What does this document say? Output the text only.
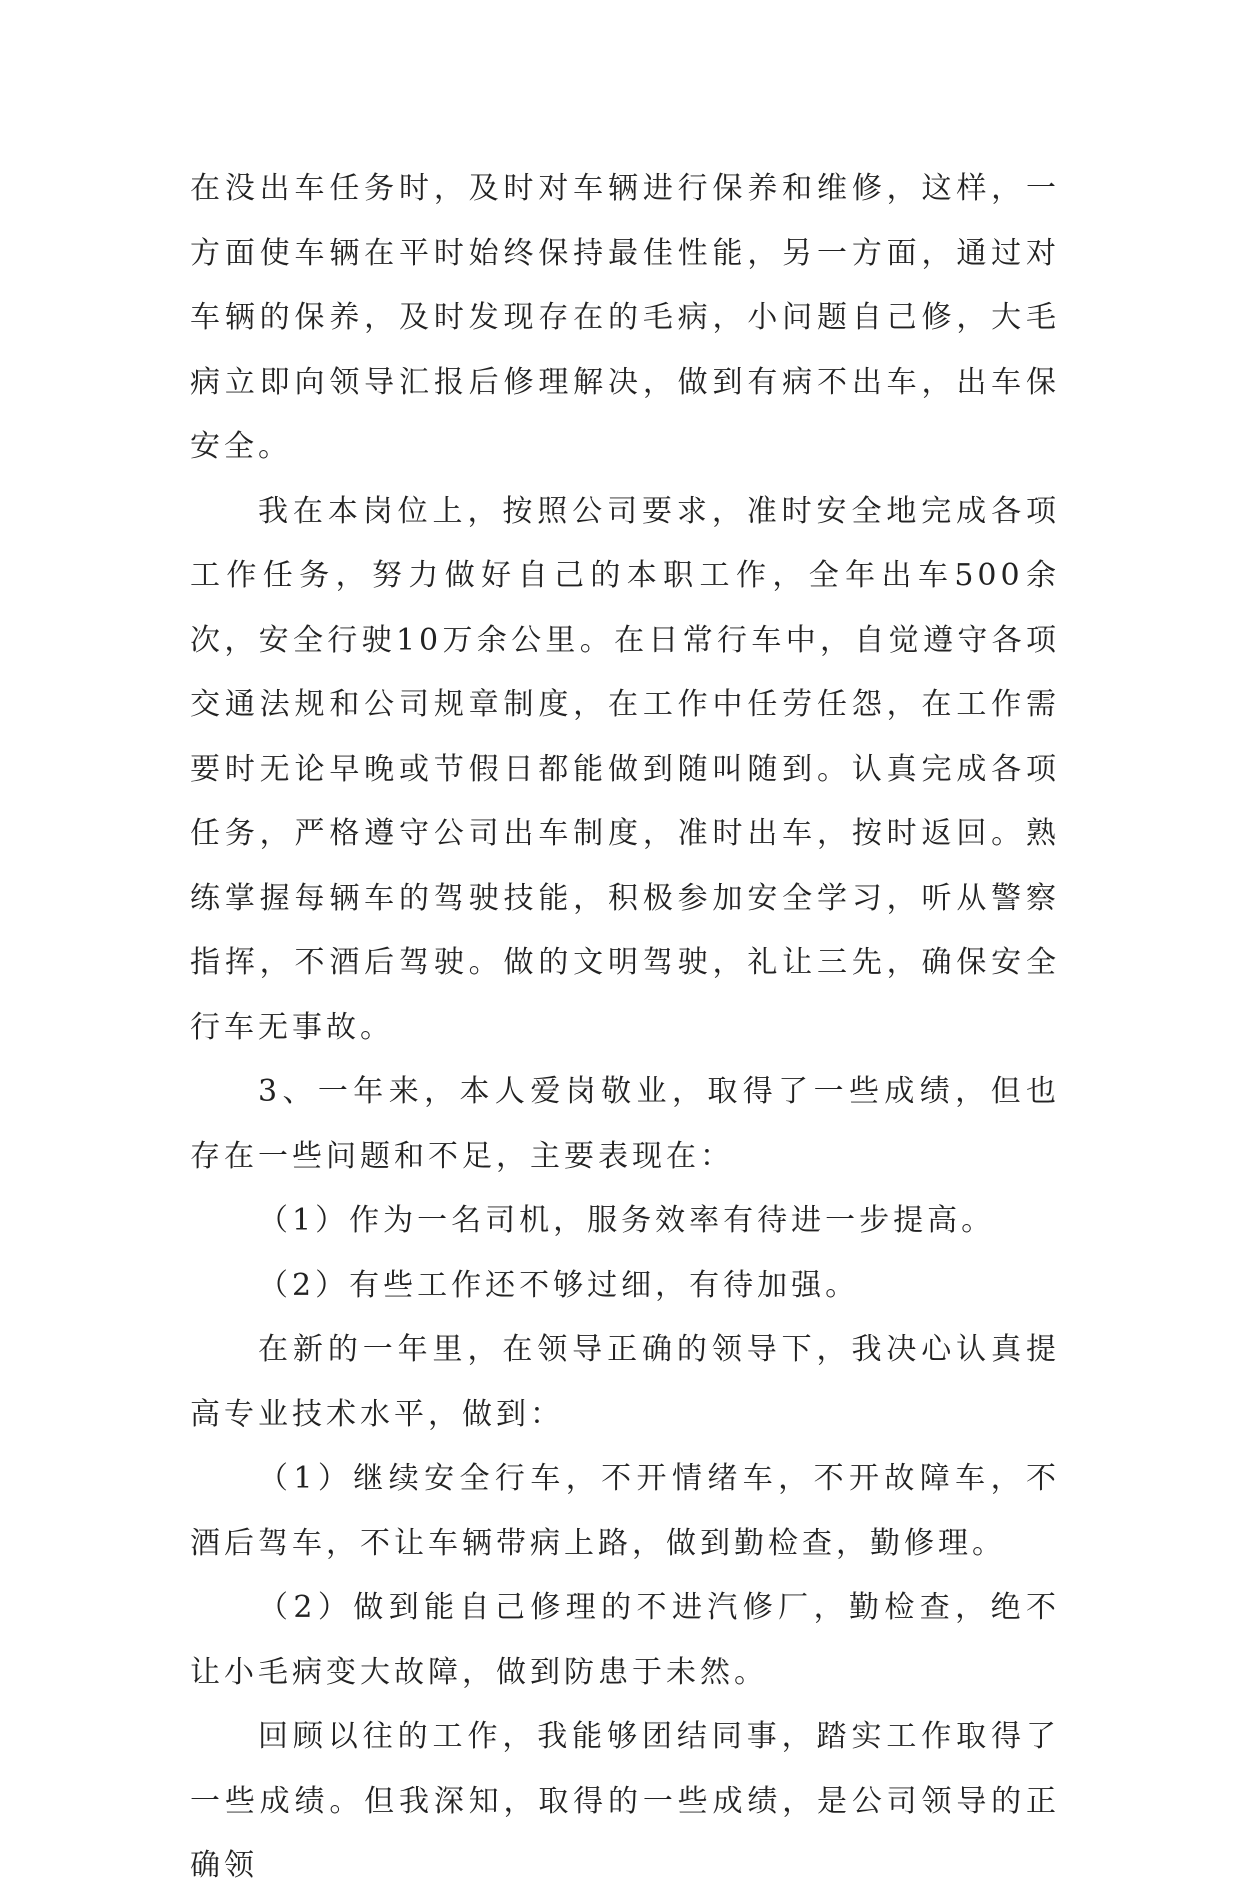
在没出车任务时，及时对车辆进行保养和维修，这样，一方面使车辆在平时始终保持最佳性能，另一方面，通过对车辆的保养，及时发现存在的毛病，小问题自己修，大毛病立即向领导汇报后修理解决，做到有病不出车，出车保安全。

我在本岗位上，按照公司要求，准时安全地完成各项工作任务，努力做好自己的本职工作，全年出车500余次，安全行驶10万余公里。在日常行车中，自觉遵守各项交通法规和公司规章制度，在工作中任劳任怨，在工作需要时无论早晚或节假日都能做到随叫随到。认真完成各项任务，严格遵守公司出车制度，准时出车，按时返回。熟练掌握每辆车的驾驶技能，积极参加安全学习，听从警察指挥，不酒后驾驶。做的文明驾驶，礼让三先，确保安全行车无事故。

3、一年来，本人爱岗敬业，取得了一些成绩，但也存在一些问题和不足，主要表现在：

（1）作为一名司机，服务效率有待进一步提高。

（2）有些工作还不够过细，有待加强。

在新的一年里，在领导正确的领导下，我决心认真提高专业技术水平，做到：

（1）继续安全行车，不开情绪车，不开故障车，不酒后驾车，不让车辆带病上路，做到勤检查，勤修理。

（2）做到能自己修理的不进汽修厂，勤检查，绝不让小毛病变大故障，做到防患于未然。

回顾以往的工作，我能够团结同事，踏实工作取得了一些成绩。但我深知，取得的一些成绩，是公司领导的正确领
